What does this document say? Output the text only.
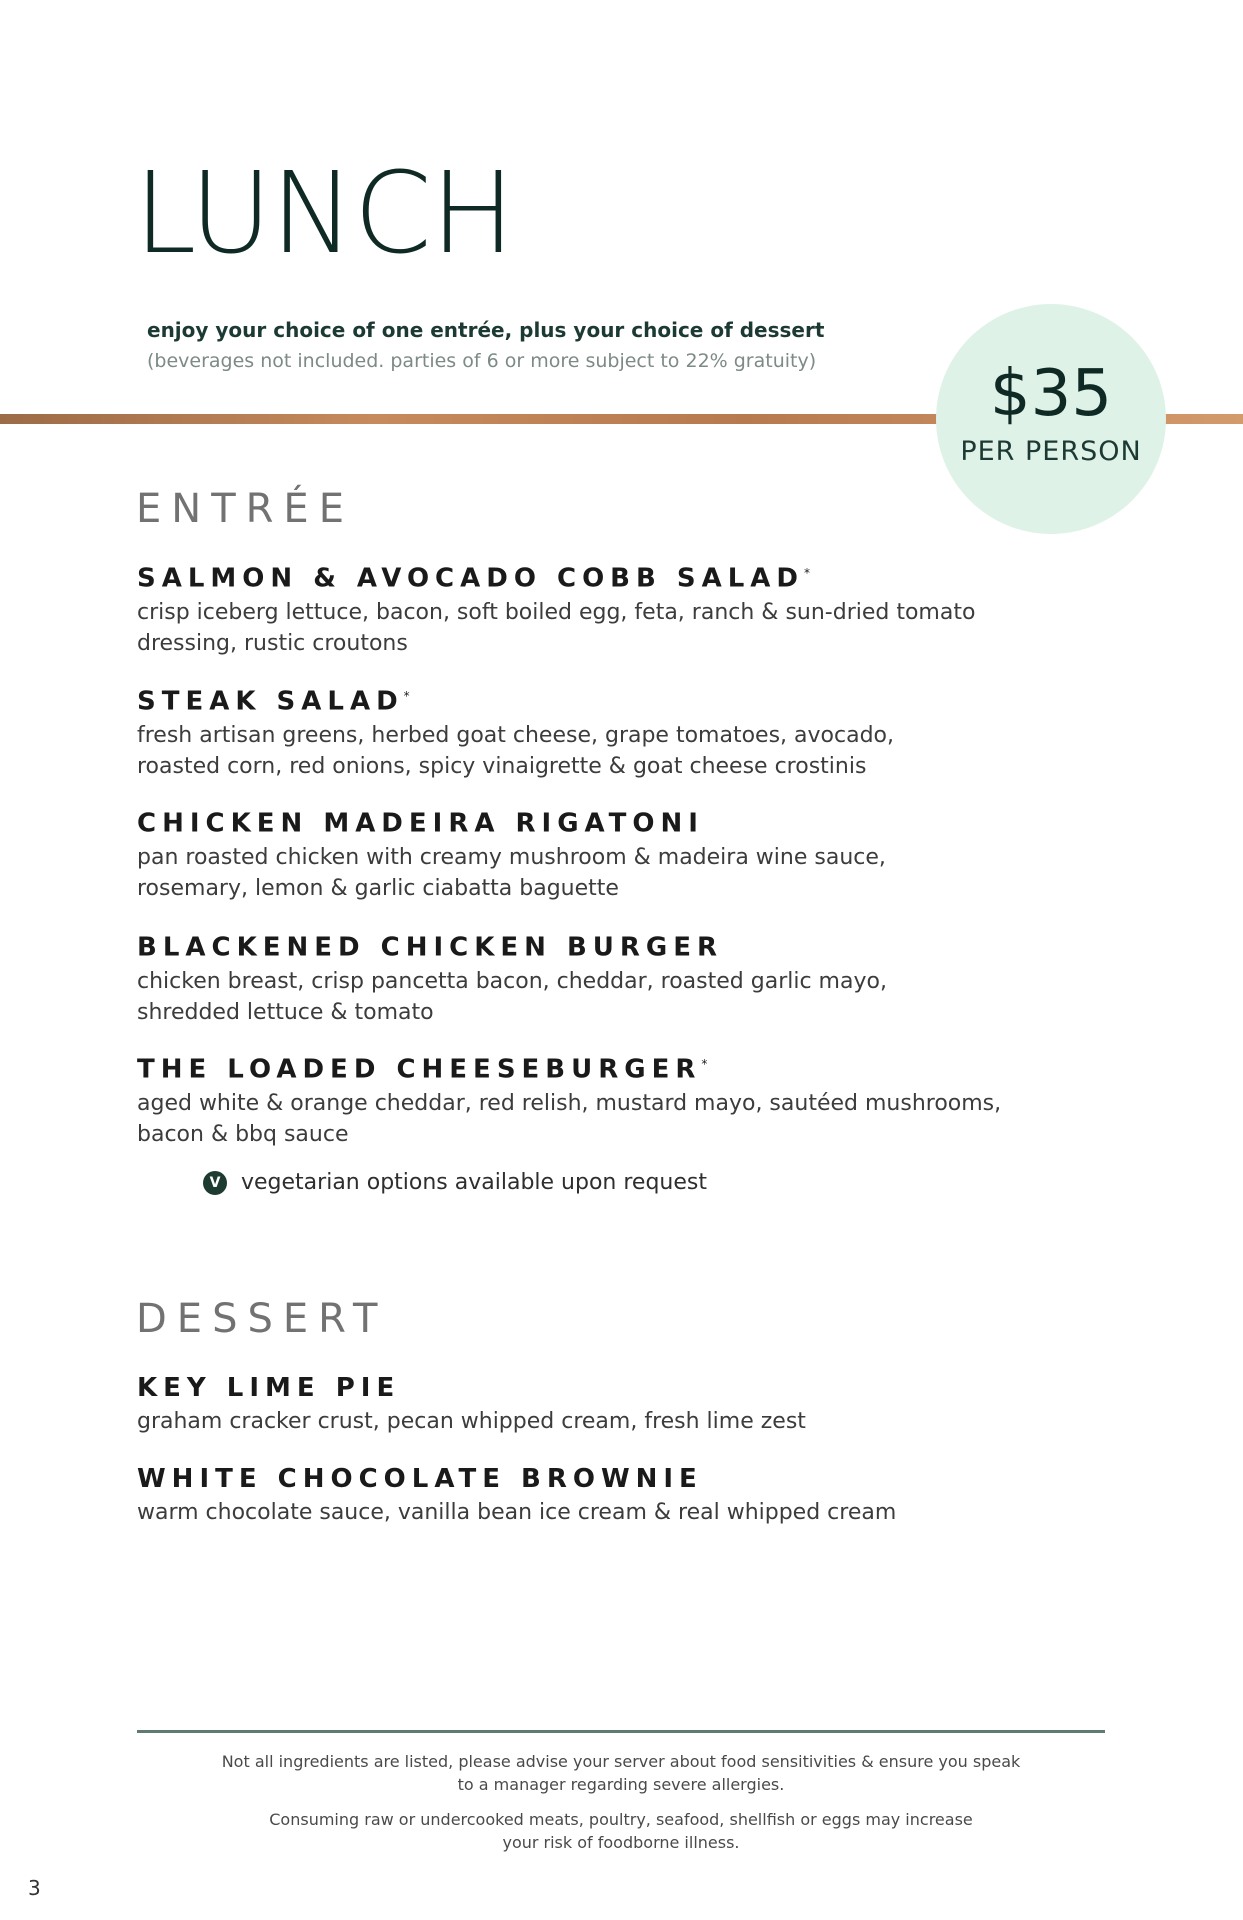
LUNCH
enjoy your choice of one entrée, plus your choice of dessert
(beverages not included. parties of 6 or more subject to 22% gratuity)	$35
PER PERSON
ENTRÉE
SALMON & AVOCADO COBB SALAD*
crisp iceberg lettuce, bacon, soft boiled egg, feta, ranch & sun-dried tomato
dressing, rustic croutons
STEAK SALAD*
fresh artisan greens, herbed goat cheese, grape tomatoes, avocado,
roasted corn, red onions, spicy vinaigrette & goat cheese crostinis
CHICKEN MADEIRA RIGATONI
pan roasted chicken with creamy mushroom & madeira wine sauce,
rosemary, lemon & garlic ciabatta baguette
BLACKENED CHICKEN BURGER
chicken breast, crisp pancetta bacon, cheddar, roasted garlic mayo,
shredded lettuce & tomato
THE LOADED CHEESEBURGER*
aged white & orange cheddar, red relish, mustard mayo, sautéed mushrooms,
bacon & bbq sauce
V vegetarian options available upon request
DESSERT
KEY LIME PIE
graham cracker crust, pecan whipped cream, fresh lime zest
WHITE CHOCOLATE BROWNIE
warm chocolate sauce, vanilla bean ice cream & real whipped cream
Not all ingredients are listed, please advise your server about food sensitivities & ensure you speak
to a manager regarding severe allergies.
Consuming raw or undercooked meats, poultry, seafood, shellfish or eggs may increase
your risk of foodborne illness.
3
